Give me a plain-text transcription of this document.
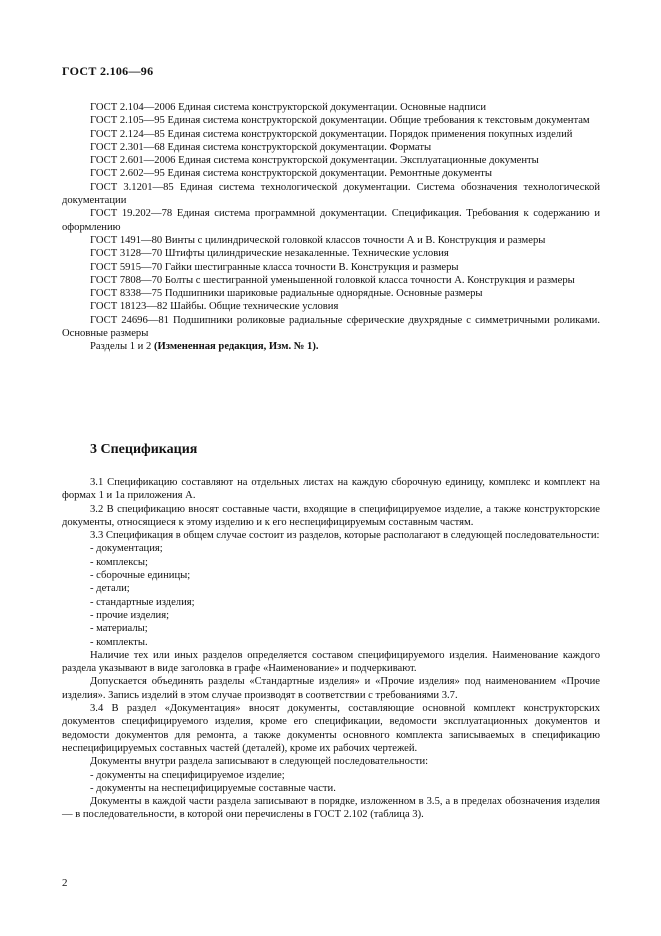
ГОСТ 2.106—96

ГОСТ 2.104—2006 Единая система конструкторской документации. Основные надписи

ГОСТ 2.105—95 Единая система конструкторской документации. Общие требования к текстовым документам

ГОСТ 2.124—85 Единая система конструкторской документации. Порядок применения покупных изделий

ГОСТ 2.301—68 Единая система конструкторской документации. Форматы

ГОСТ 2.601—2006 Единая система конструкторской документации. Эксплуатационные документы

ГОСТ 2.602—95 Единая система конструкторской документации. Ремонтные документы

ГОСТ 3.1201—85 Единая система технологической документации. Система обозначения технологической документации

ГОСТ 19.202—78 Единая система программной документации. Спецификация. Требования к содержанию и оформлению

ГОСТ 1491—80 Винты с цилиндрической головкой классов точности А и В. Конструкция и размеры

ГОСТ 3128—70 Штифты цилиндрические незакаленные. Технические условия

ГОСТ 5915—70 Гайки шестигранные класса точности В. Конструкция и размеры

ГОСТ 7808—70 Болты с шестигранной уменьшенной головкой класса точности А. Конструкция и размеры

ГОСТ 8338—75 Подшипники шариковые радиальные однорядные. Основные размеры

ГОСТ 18123—82 Шайбы. Общие технические условия

ГОСТ 24696—81 Подшипники роликовые радиальные сферические двухрядные с симметричными роликами. Основные размеры

Разделы 1 и 2 (Измененная редакция, Изм. № 1).

3 Спецификация

3.1 Спецификацию составляют на отдельных листах на каждую сборочную единицу, комплекс и комплект на формах 1 и 1а приложения А.

3.2 В спецификацию вносят составные части, входящие в специфицируемое изделие, а также конструкторские документы, относящиеся к этому изделию и к его неспецифицируемым составным частям.

3.3 Спецификация в общем случае состоит из разделов, которые располагают в следующей последовательности:

- документация;

- комплексы;

- сборочные единицы;

- детали;

- стандартные изделия;

- прочие изделия;

- материалы;

- комплекты.

Наличие тех или иных разделов определяется составом специфицируемого изделия. Наименование каждого раздела указывают в виде заголовка в графе «Наименование» и подчеркивают.

Допускается объединять разделы «Стандартные изделия» и «Прочие изделия» под наименованием «Прочие изделия». Запись изделий в этом случае производят в соответствии с требованиями 3.7.

3.4 В раздел «Документация» вносят документы, составляющие основной комплект конструкторских документов специфицируемого изделия, кроме его спецификации, ведомости эксплуатационных документов и ведомости документов для ремонта, а также документы основного комплекта записываемых в спецификацию неспецифицируемых составных частей (деталей), кроме их рабочих чертежей.

Документы внутри раздела записывают в следующей последовательности:

- документы на специфицируемое изделие;

- документы на неспецифицируемые составные части.

Документы в каждой части раздела записывают в порядке, изложенном в 3.5, а в пределах обозначения изделия — в последовательности, в которой они перечислены в ГОСТ 2.102 (таблица 3).

2
